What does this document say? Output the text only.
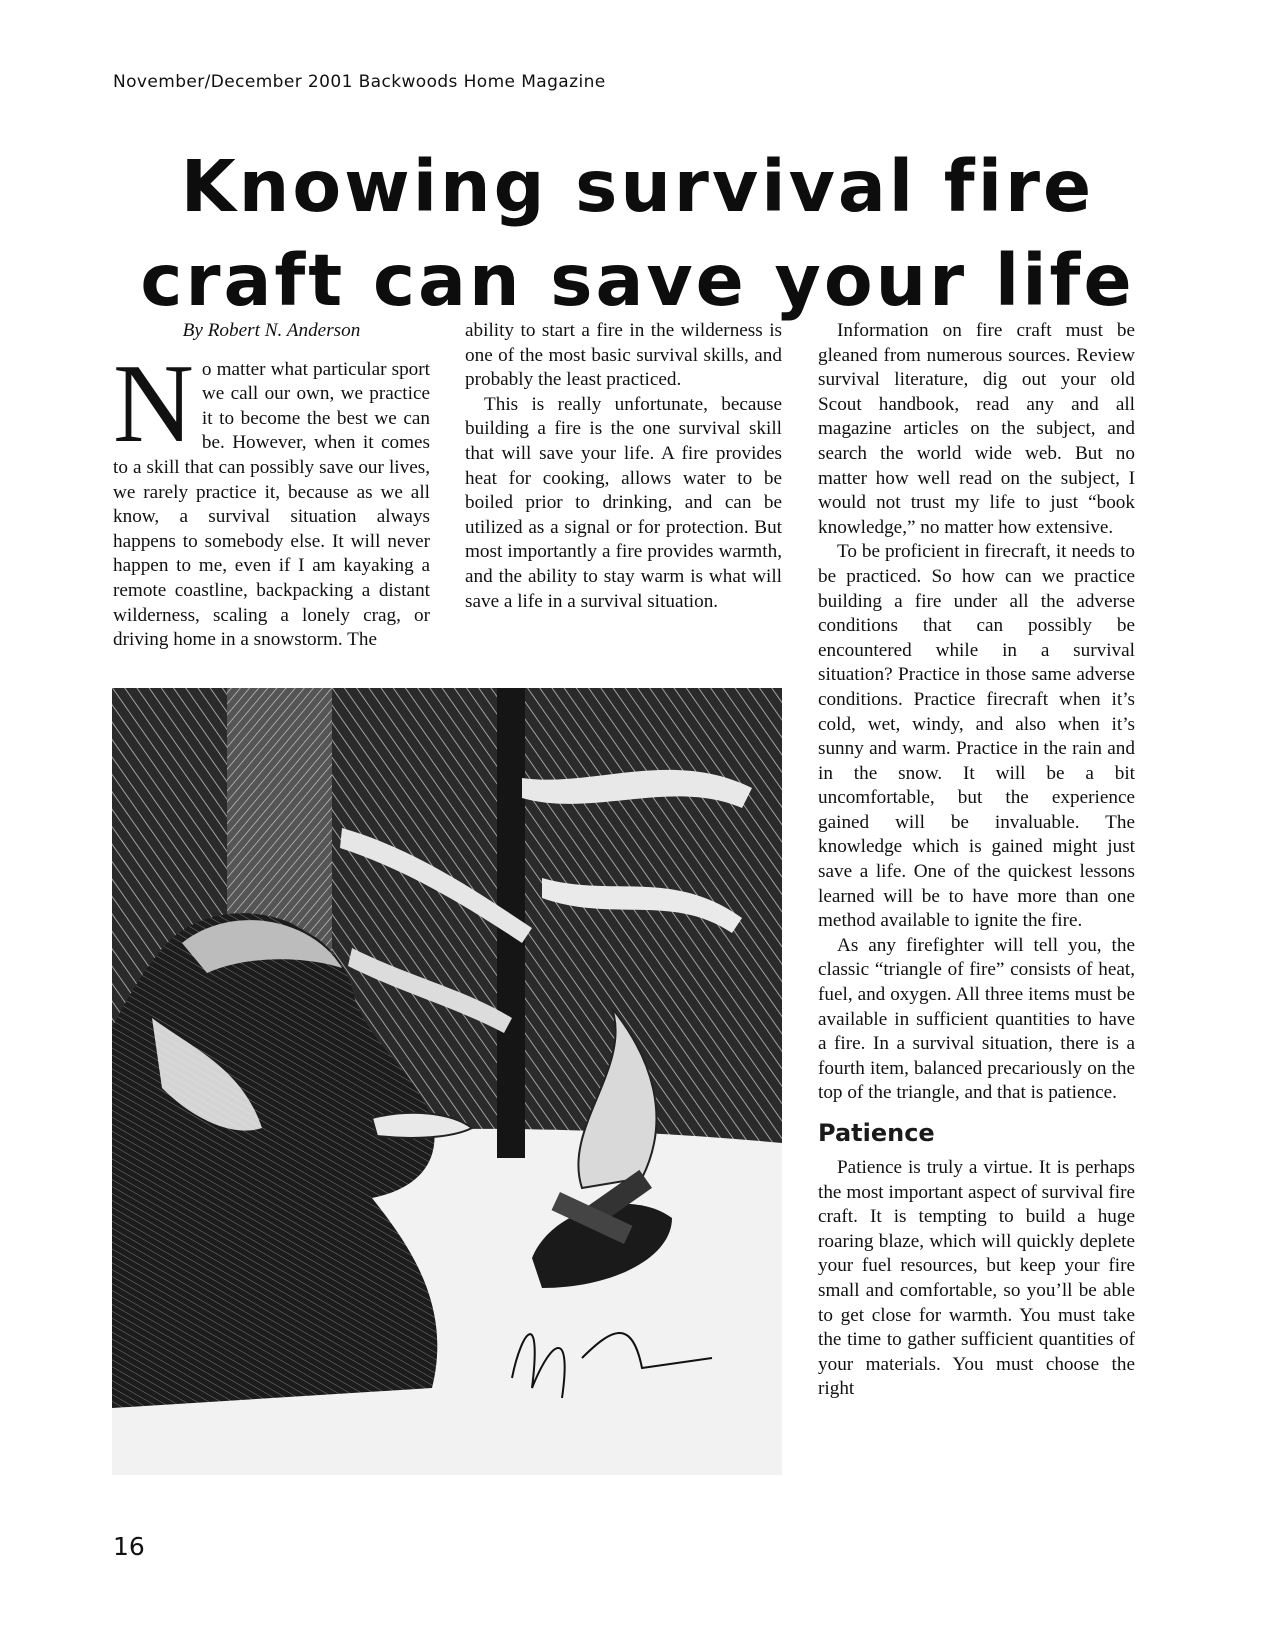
November/December 2001 Backwoods Home Magazine
Knowing survival fire
craft can save your life

By Robert N. Anderson

No matter what particular sport we call our own, we practice it to become the best we can be. However, when it comes to a skill that can possibly save our lives, we rarely practice it, because as we all know, a survival situation always happens to somebody else. It will never happen to me, even if I am kayaking a remote coastline, backpacking a distant wilderness, scaling a lonely crag, or driving home in a snowstorm. The

ability to start a fire in the wilderness is one of the most basic survival skills, and probably the least practiced.

This is really unfortunate, because building a fire is the one survival skill that will save your life. A fire provides heat for cooking, allows water to be boiled prior to drinking, and can be utilized as a signal or for protection. But most importantly a fire provides warmth, and the ability to stay warm is what will save a life in a survival situation.

Information on fire craft must be gleaned from numerous sources. Review survival literature, dig out your old Scout handbook, read any and all magazine articles on the subject, and search the world wide web. But no matter how well read on the subject, I would not trust my life to just “book knowledge,” no matter how extensive.

To be proficient in firecraft, it needs to be practiced. So how can we practice building a fire under all the adverse conditions that can possibly be encountered while in a survival situation? Practice in those same adverse conditions. Practice firecraft when it’s cold, wet, windy, and also when it’s sunny and warm. Practice in the rain and in the snow. It will be a bit uncomfortable, but the experience gained will be invaluable. The knowledge which is gained might just save a life. One of the quickest lessons learned will be to have more than one method available to ignite the fire.

As any firefighter will tell you, the classic “triangle of fire” consists of heat, fuel, and oxygen. All three items must be available in sufficient quantities to have a fire. In a survival situation, there is a fourth item, balanced precariously on the top of the triangle, and that is patience.

Patience

Patience is truly a virtue. It is perhaps the most important aspect of survival fire craft. It is tempting to build a huge roaring blaze, which will quickly deplete your fuel resources, but keep your fire small and comfortable, so you’ll be able to get close for warmth. You must take the time to gather sufficient quantities of your materials. You must choose the right

16
